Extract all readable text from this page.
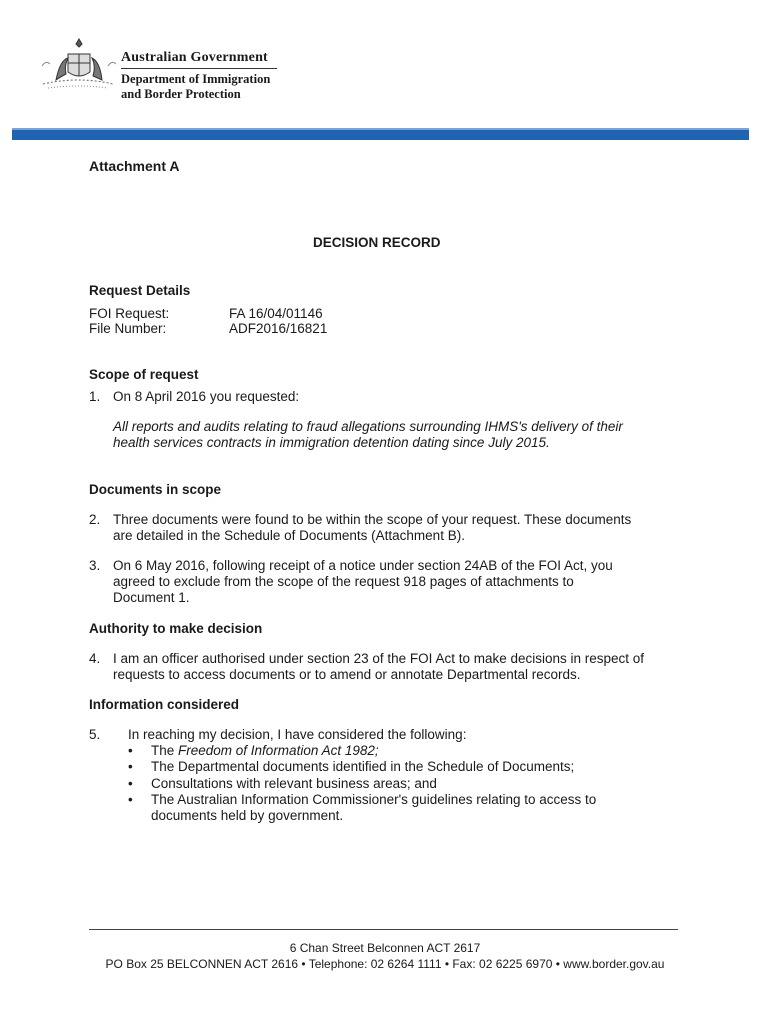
Australian Government
Department of Immigration
and Border Protection
Attachment A
DECISION RECORD
Request Details
FOI Request:	FA 16/04/01146
File Number:	ADF2016/16821
Scope of request
1. On 8 April 2016 you requested:
All reports and audits relating to fraud allegations surrounding IHMS's delivery of their
health services contracts in immigration detention dating since July 2015.
Documents in scope
2. Three documents were found to be within the scope of your request. These documents
are detailed in the Schedule of Documents (Attachment B).
3. On 6 May 2016, following receipt of a notice under section 24AB of the FOI Act, you
agreed to exclude from the scope of the request 918 pages of attachments to
Document 1.
Authority to make decision
4. I am an officer authorised under section 23 of the FOI Act to make decisions in respect of
requests to access documents or to amend or annotate Departmental records.
Information considered
5. In reaching my decision, I have considered the following:
• The Freedom of Information Act 1982;
• The Departmental documents identified in the Schedule of Documents;
• Consultations with relevant business areas; and
• The Australian Information Commissioner's guidelines relating to access to
documents held by government.
6 Chan Street Belconnen ACT 2617
PO Box 25 BELCONNEN ACT 2616 • Telephone: 02 6264 1111 • Fax: 02 6225 6970 • www.border.gov.au
